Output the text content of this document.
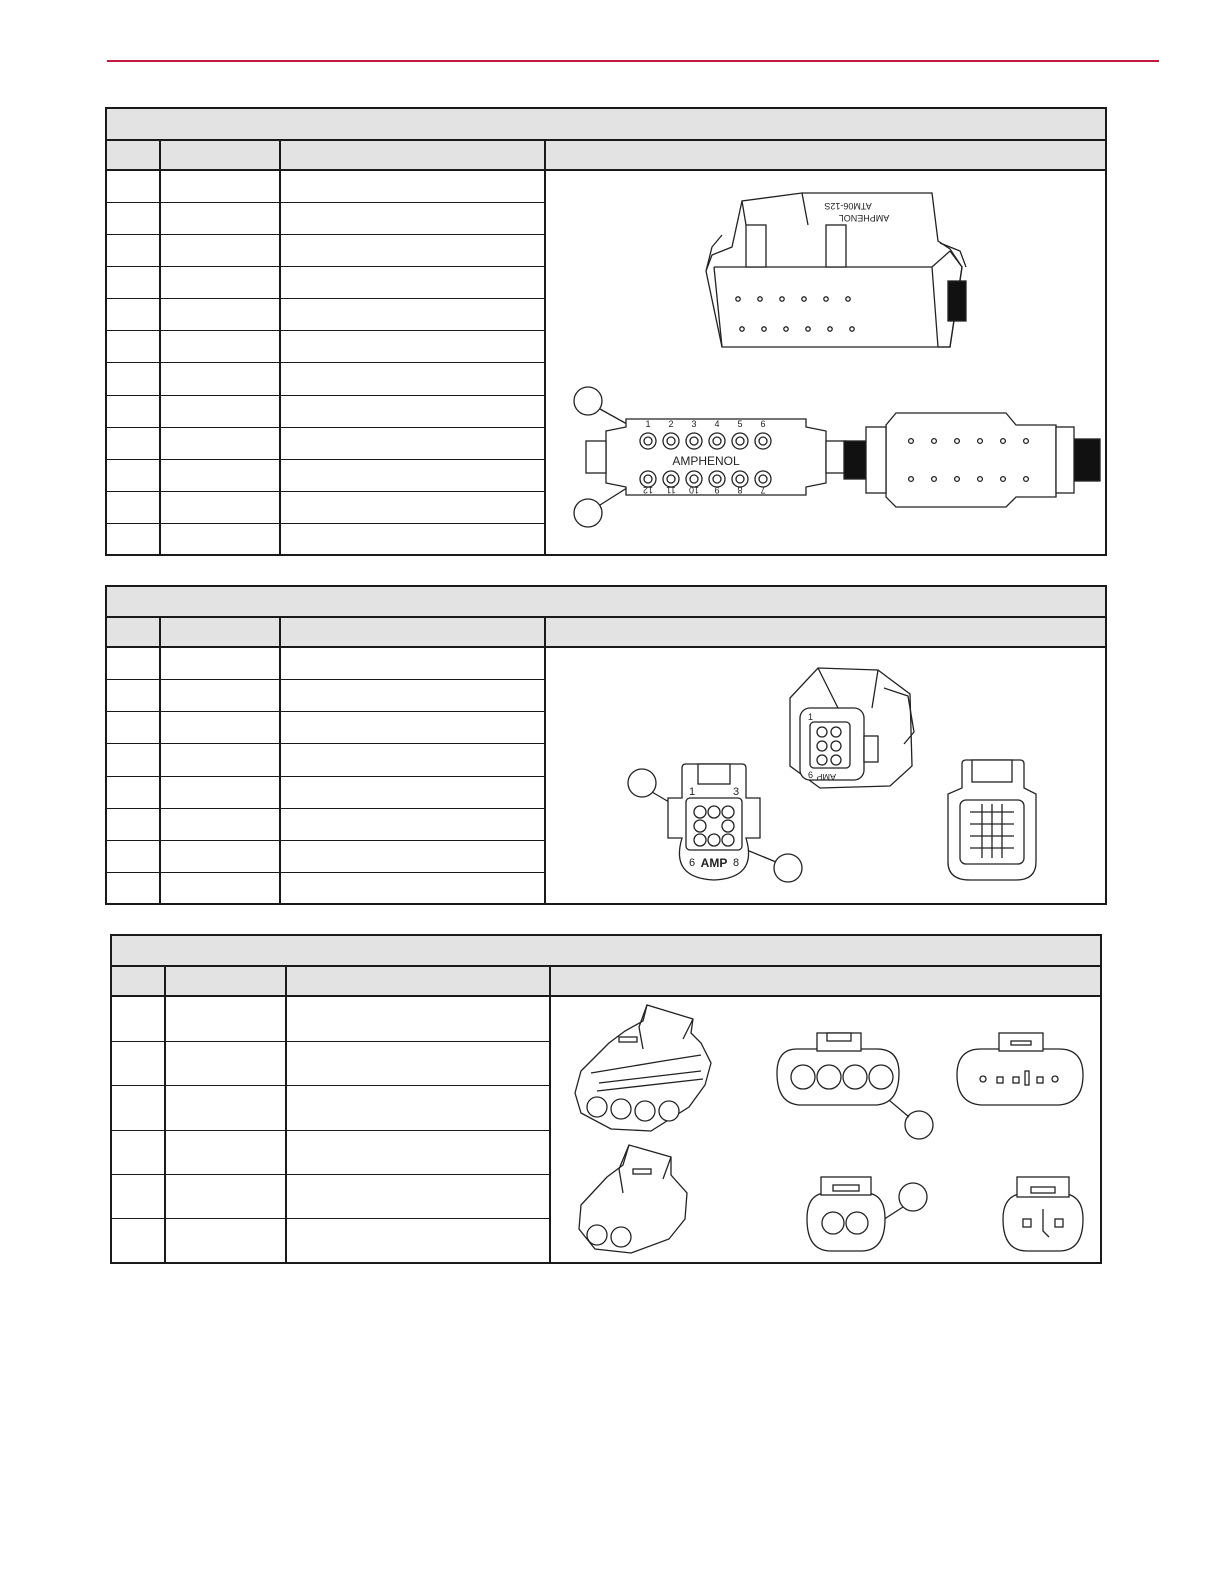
AMPHENOL
ATM06-12S
AMPHENOL
1 2 3 4 5 6
12 11 10 9 8 7
1	3
6	8
AMP
1
6 AMP
